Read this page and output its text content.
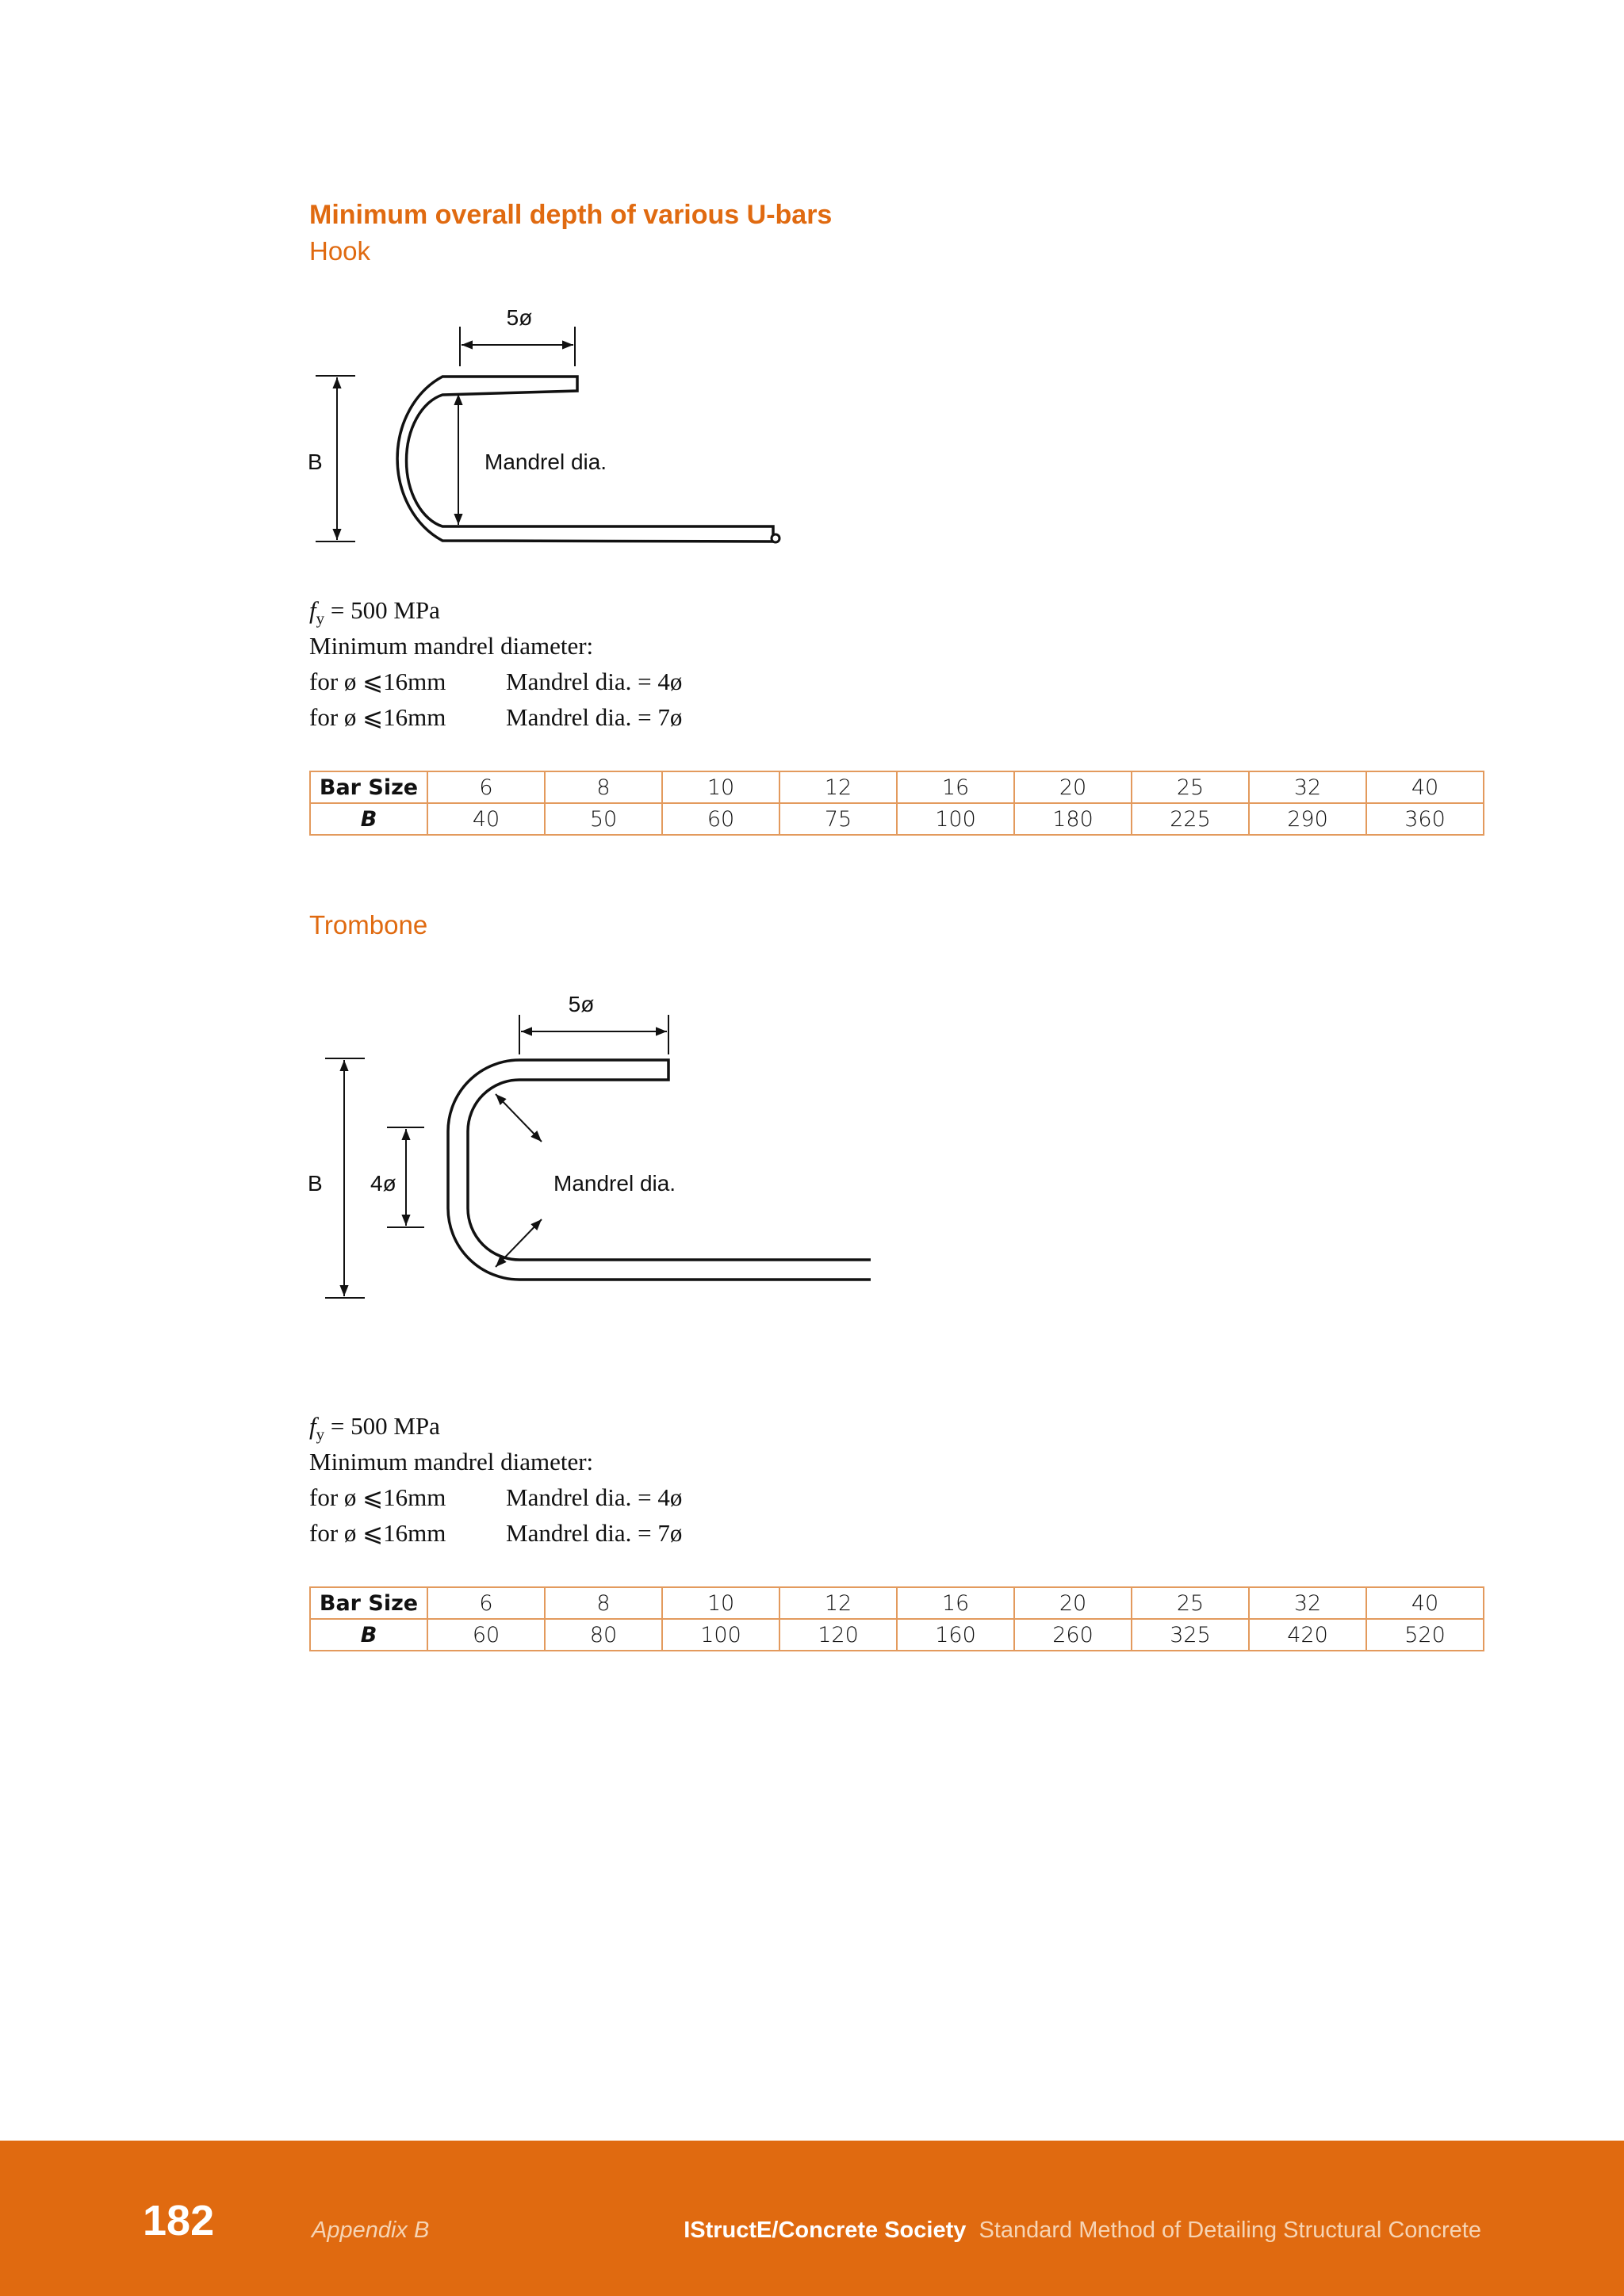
Minimum overall depth of various U-bars
Hook
5ø
B	Mandrel dia.
$f_y = 500$ MPa
Minimum mandrel diameter:
for ø ⩽16mm Mandrel dia. = 4ø
for ø ⩽16mm Mandrel dia. = 7ø
Bar Size	6	8	10	12	16	20	25	32	40
B	40	50	60	75	100	180	225	290	360
Trombone
5ø
B 4ø	Mandrel dia.
$f_y = 500$ MPa
Minimum mandrel diameter:
for ø ⩽16mm Mandrel dia. = 4ø
for ø ⩽16mm Mandrel dia. = 7ø
Bar Size	6	8	10	12	16	20	25	32	40
B	60	80	100	120	160	260	325	420	520
182	Appendix B	IStructE/Concrete Society Standard Method of Detailing Structural Concrete
